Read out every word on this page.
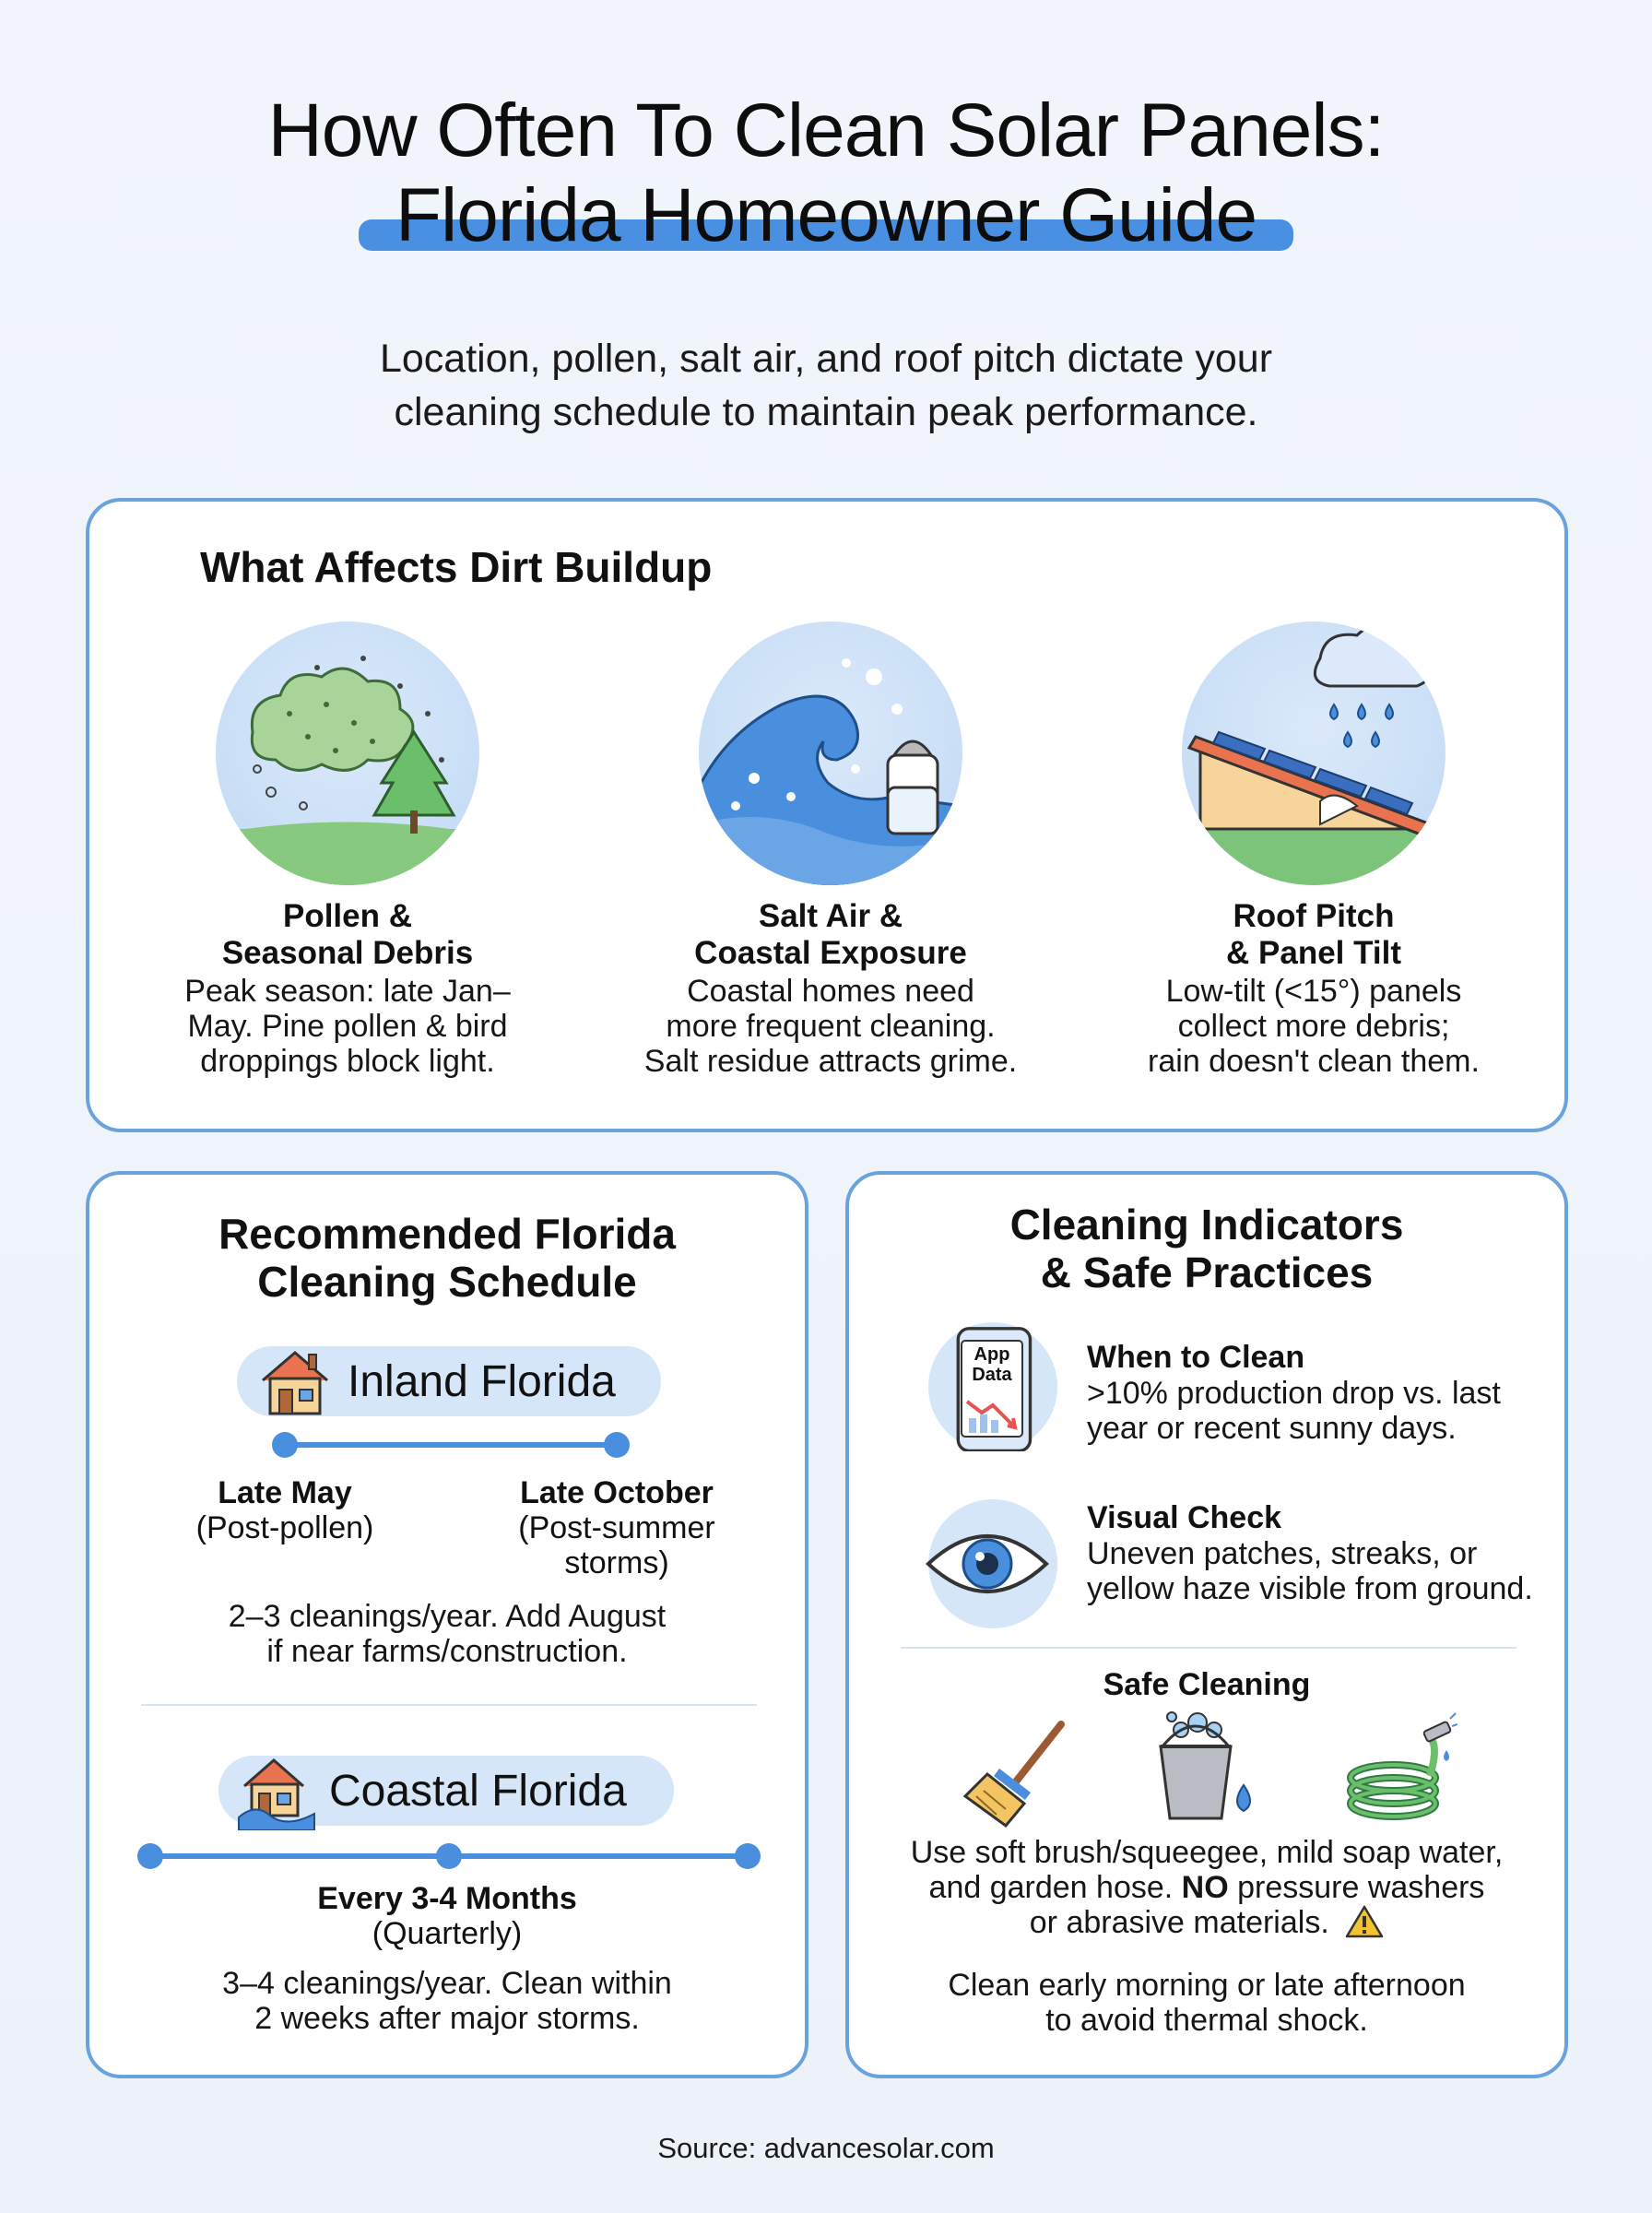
How Often To Clean Solar Panels:
Florida Homeowner Guide
Location, pollen, salt air, and roof pitch dictate your
cleaning schedule to maintain peak performance.
What Affects Dirt Buildup
Pollen &
Seasonal Debris
Peak season: late Jan–
May. Pine pollen & bird
droppings block light.
Salt Air &
Coastal Exposure
Coastal homes need
more frequent cleaning.
Salt residue attracts grime.
Roof Pitch
& Panel Tilt
Low-tilt (<15°) panels
collect more debris;
rain doesn't clean them.
Recommended Florida
Cleaning Schedule
Inland Florida
Late May
(Post-pollen)
Late October
(Post-summer
storms)
2–3 cleanings/year. Add August
if near farms/construction.
Coastal Florida
Every 3-4 Months
(Quarterly)
3–4 cleanings/year. Clean within
2 weeks after major storms.
Cleaning Indicators
& Safe Practices
App
Data	When to Clean
>10% production drop vs. last
year or recent sunny days.
Visual Check
Uneven patches, streaks, or
yellow haze visible from ground.
Safe Cleaning
Use soft brush/squeegee, mild soap water,
and garden hose. NO pressure washers
or abrasive materials.
Clean early morning or late afternoon
to avoid thermal shock.
Source: advancesolar.com
